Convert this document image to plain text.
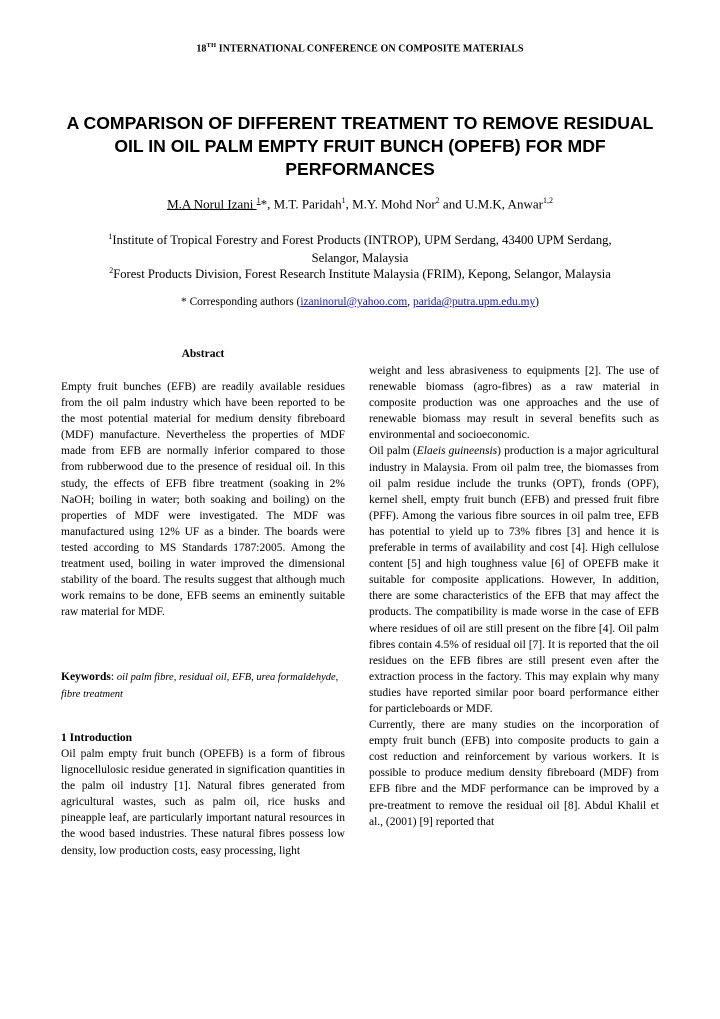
18TH INTERNATIONAL CONFERENCE ON COMPOSITE MATERIALS
A COMPARISON OF DIFFERENT TREATMENT TO REMOVE RESIDUAL OIL IN OIL PALM EMPTY FRUIT BUNCH (OPEFB) FOR MDF PERFORMANCES
M.A Norul Izani $^1$*, M.T. Paridah$^1$, M.Y. Mohd Nor$^2$ and U.M.K, Anwar$^{1,2}$
$^1$Institute of Tropical Forestry and Forest Products (INTROP), UPM Serdang, 43400 UPM Serdang, Selangor, Malaysia
$^2$Forest Products Division, Forest Research Institute Malaysia (FRIM), Kepong, Selangor, Malaysia
* Corresponding authors (izaninorul@yahoo.com, parida@putra.upm.edu.my)
Abstract

Empty fruit bunches (EFB) are readily available residues from the oil palm industry which have been reported to be the most potential material for medium density fibreboard (MDF) manufacture. Nevertheless the properties of MDF made from EFB are normally inferior compared to those from rubberwood due to the presence of residual oil. In this study, the effects of EFB fibre treatment (soaking in 2% NaOH; boiling in water; both soaking and boiling) on the properties of MDF were investigated. The MDF was manufactured using 12% UF as a binder. The boards were tested according to MS Standards 1787:2005. Among the treatment used, boiling in water improved the dimensional stability of the board. The results suggest that although much work remains to be done, EFB seems an eminently suitable raw material for MDF.

Keywords: oil palm fibre, residual oil, EFB, urea formaldehyde, fibre treatment
1 Introduction

Oil palm empty fruit bunch (OPEFB) is a form of fibrous lignocellulosic residue generated in signification quantities in the palm oil industry [1]. Natural fibres generated from agricultural wastes, such as palm oil, rice husks and pineapple leaf, are particularly important natural resources in the wood based industries. These natural fibres possess low density, low production costs, easy processing, light

weight and less abrasiveness to equipments [2]. The use of renewable biomass (agro-fibres) as a raw material in composite production was one approaches and the use of renewable biomass may result in several benefits such as environmental and socioeconomic.

Oil palm (Elaeis guineensis) production is a major agricultural industry in Malaysia. From oil palm tree, the biomasses from oil palm residue include the trunks (OPT), fronds (OPF), kernel shell, empty fruit bunch (EFB) and pressed fruit fibre (PFF). Among the various fibre sources in oil palm tree, EFB has potential to yield up to 73% fibres [3] and hence it is preferable in terms of availability and cost [4]. High cellulose content [5] and high toughness value [6] of OPEFB make it suitable for composite applications. However, In addition, there are some characteristics of the EFB that may affect the products. The compatibility is made worse in the case of EFB where residues of oil are still present on the fibre [4]. Oil palm fibres contain 4.5% of residual oil [7]. It is reported that the oil residues on the EFB fibres are still present even after the extraction process in the factory. This may explain why many studies have reported similar poor board performance either for particleboards or MDF.

Currently, there are many studies on the incorporation of empty fruit bunch (EFB) into composite products to gain a cost reduction and reinforcement by various workers. It is possible to produce medium density fibreboard (MDF) from EFB fibre and the MDF performance can be improved by a pre-treatment to remove the residual oil [8]. Abdul Khalil et al., (2001) [9] reported that
